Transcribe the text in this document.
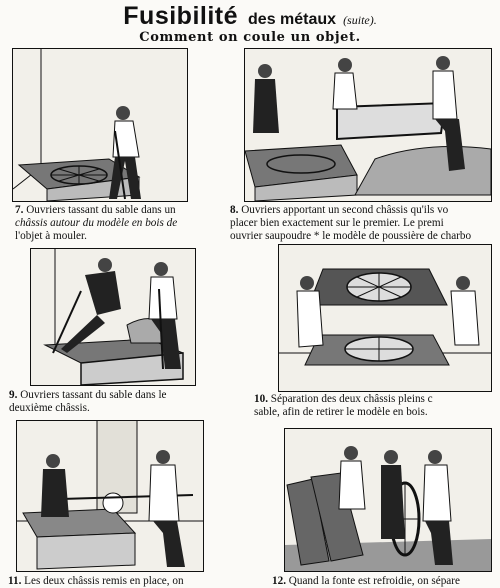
Fusibilité des métaux (suite).
Comment on coule un objet.
7. Ouvriers tassant du sable dans un
châssis autour du modèle en bois de
l'objet à mouler.
8. Ouvriers apportant un second châssis qu'ils vo
placer bien exactement sur le premier. Le premi
ouvrier saupoudre * le modèle de poussière de charbo
9. Ouvriers tassant du sable dans le
deuxième châssis.
10. Séparation des deux châssis pleins c
sable, afin de retirer le modèle en bois.
11. Les deux châssis remis en place, on	12. Quand la fonte est refroidie, on sépare
